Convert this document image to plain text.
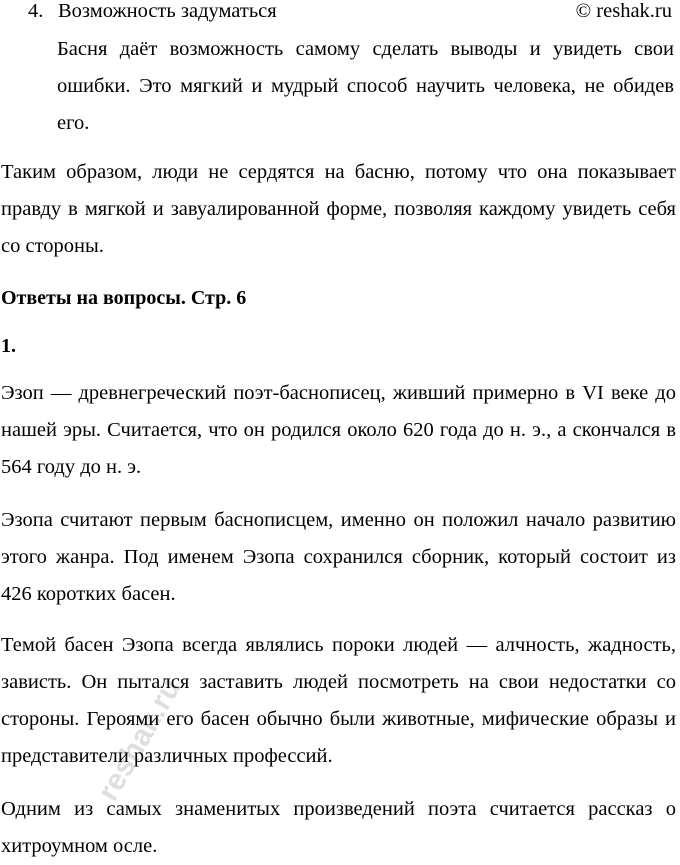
4. Возможность задуматься	© reshak.ru

Басня даёт возможность самому сделать выводы и увидеть свои ошибки. Это мягкий и мудрый способ научить человека, не обидев его.

Таким образом, люди не сердятся на басню, потому что она показывает правду в мягкой и завуалированной форме, позволяя каждому увидеть себя со стороны.

Ответы на вопросы. Стр. 6
1.

Эзоп — древнегреческий поэт-баснописец, живший примерно в VI веке до нашей эры. Считается, что он родился около 620 года до н. э., а скончался в 564 году до н. э.

Эзопа считают первым баснописцем, именно он положил начало развитию этого жанра. Под именем Эзопа сохранился сборник, который состоит из 426 коротких басен.

Темой басен Эзопа всегда являлись пороки людей — алчность, жадность, зависть. Он пытался заставить людей посмотреть на свои недостатки со стороны. Героями его басен обычно были животные, мифические образы и представители различных профессий.

Одним из самых знаменитых произведений поэта считается рассказ о хитроумном осле.

reshak.ru
